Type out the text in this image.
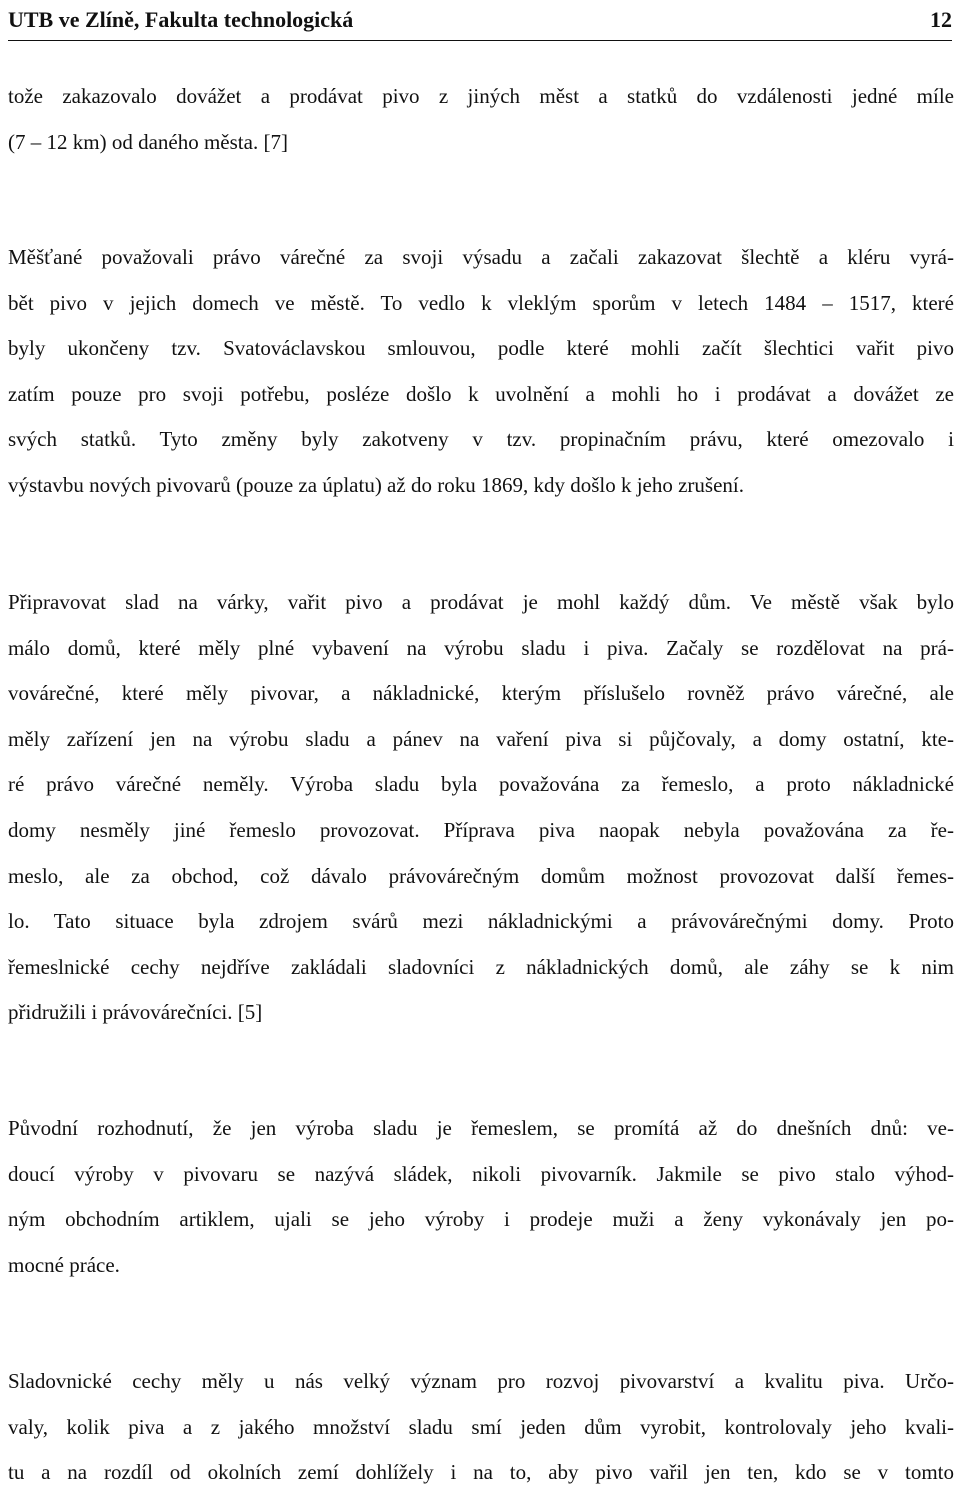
UTB ve Zlíně, Fakulta technologická	12
tože zakazovalo dovážet a prodávat pivo z jiných měst a statků do vzdálenosti jedné míle
(7 – 12 km) od daného města. [7]
Měšťané považovali právo várečné za svoji výsadu a začali zakazovat šlechtě a kléru vyrá-
bět pivo v jejich domech ve městě. To vedlo k vleklým sporům v letech 1484 – 1517, které
byly ukončeny tzv. Svatováclavskou smlouvou, podle které mohli začít šlechtici vařit pivo
zatím pouze pro svoji potřebu, posléze došlo k uvolnění a mohli ho i prodávat a dovážet ze
svých statků. Tyto změny byly zakotveny v tzv. propinačním právu, které omezovalo i
výstavbu nových pivovarů (pouze za úplatu) až do roku 1869, kdy došlo k jeho zrušení.
Připravovat slad na várky, vařit pivo a prodávat je mohl každý dům. Ve městě však bylo
málo domů, které měly plné vybavení na výrobu sladu i piva. Začaly se rozdělovat na prá-
vovárečné, které měly pivovar, a nákladnické, kterým příslušelo rovněž právo várečné, ale
měly zařízení jen na výrobu sladu a pánev na vaření piva si půjčovaly, a domy ostatní, kte-
ré právo várečné neměly. Výroba sladu byla považována za řemeslo, a proto nákladnické
domy nesměly jiné řemeslo provozovat. Příprava piva naopak nebyla považována za ře-
meslo, ale za obchod, což dávalo právovárečným domům možnost provozovat další řemes-
lo. Tato situace byla zdrojem svárů mezi nákladnickými a právovárečnými domy. Proto
řemeslnické cechy nejdříve zakládali sladovníci z nákladnických domů, ale záhy se k nim
přidružili i právovárečníci. [5]
Původní rozhodnutí, že jen výroba sladu je řemeslem, se promítá až do dnešních dnů: ve-
doucí výroby v pivovaru se nazývá sládek, nikoli pivovarník. Jakmile se pivo stalo výhod-
ným obchodním artiklem, ujali se jeho výroby i prodeje muži a ženy vykonávaly jen po-
mocné práce.
Sladovnické cechy měly u nás velký význam pro rozvoj pivovarství a kvalitu piva. Určo-
valy, kolik piva a z jakého množství sladu smí jeden dům vyrobit, kontrolovaly jeho kvali-
tu a na rozdíl od okolních zemí dohlížely i na to, aby pivo vařil jen ten, kdo se v tomto
